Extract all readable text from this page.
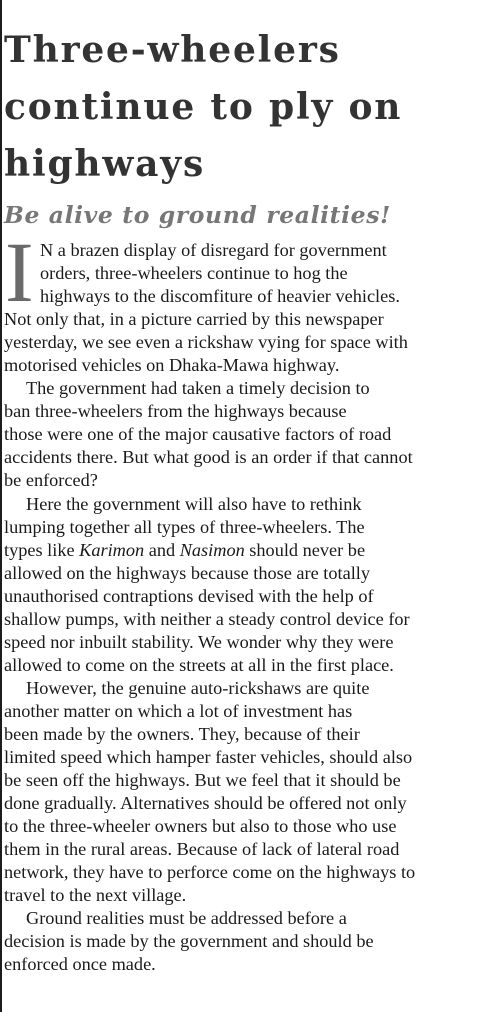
Three-wheelers
continue to ply on
highways
Be alive to ground realities!
I N a brazen display of disregard for government
orders, three-wheelers continue to hog the
highways to the discomfiture of heavier vehicles.
Not only that, in a picture carried by this newspaper
yesterday, we see even a rickshaw vying for space with
motorised vehicles on Dhaka-Mawa highway.
The government had taken a timely decision to
ban three-wheelers from the highways because
those were one of the major causative factors of road
accidents there. But what good is an order if that cannot
be enforced?
Here the government will also have to rethink
lumping together all types of three-wheelers. The
types like Karimon and Nasimon should never be
allowed on the highways because those are totally
unauthorised contraptions devised with the help of
shallow pumps, with neither a steady control device for
speed nor inbuilt stability. We wonder why they were
allowed to come on the streets at all in the first place.
However, the genuine auto-rickshaws are quite
another matter on which a lot of investment has
been made by the owners. They, because of their
limited speed which hamper faster vehicles, should also
be seen off the highways. But we feel that it should be
done gradually. Alternatives should be offered not only
to the three-wheeler owners but also to those who use
them in the rural areas. Because of lack of lateral road
network, they have to perforce come on the highways to
travel to the next village.
Ground realities must be addressed before a
decision is made by the government and should be
enforced once made.
